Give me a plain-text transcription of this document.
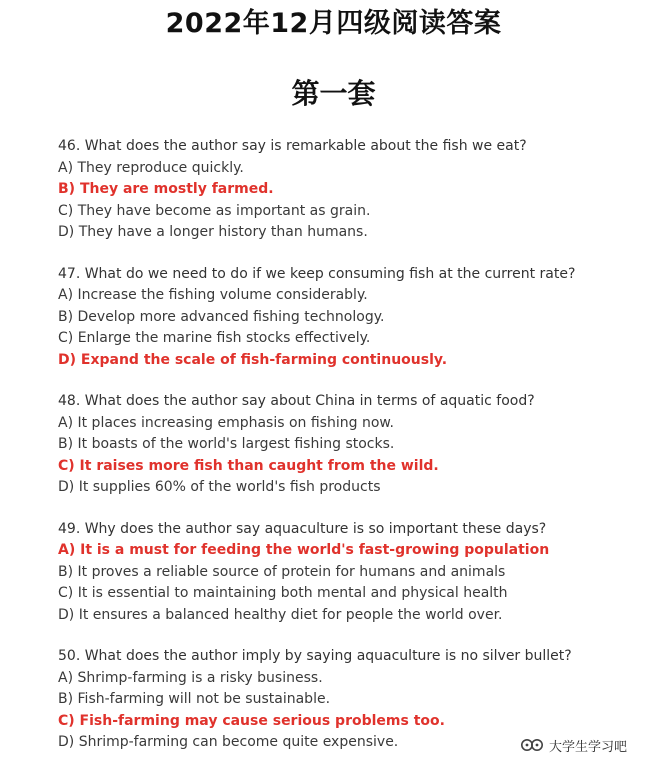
2022年12月四级阅读答案
第一套
46. What does the author say is remarkable about the fish we eat?
A) They reproduce quickly.
B) They are mostly farmed.
C) They have become as important as grain.
D) They have a longer history than humans.
47. What do we need to do if we keep consuming fish at the current rate?
A) Increase the fishing volume considerably.
B) Develop more advanced fishing technology.
C) Enlarge the marine fish stocks effectively.
D) Expand the scale of fish-farming continuously.
48. What does the author say about China in terms of aquatic food?
A) It places increasing emphasis on fishing now.
B) It boasts of the world's largest fishing stocks.
C) It raises more fish than caught from the wild.
D) It supplies 60% of the world's fish products
49. Why does the author say aquaculture is so important these days?
A) It is a must for feeding the world's fast-growing population
B) It proves a reliable source of protein for humans and animals
C) It is essential to maintaining both mental and physical health
D) It ensures a balanced healthy diet for people the world over.
50. What does the author imply by saying aquaculture is no silver bullet?
A) Shrimp-farming is a risky business.
B) Fish-farming will not be sustainable.
C) Fish-farming may cause serious problems too.
D) Shrimp-farming can become quite expensive.	大学生学习吧
